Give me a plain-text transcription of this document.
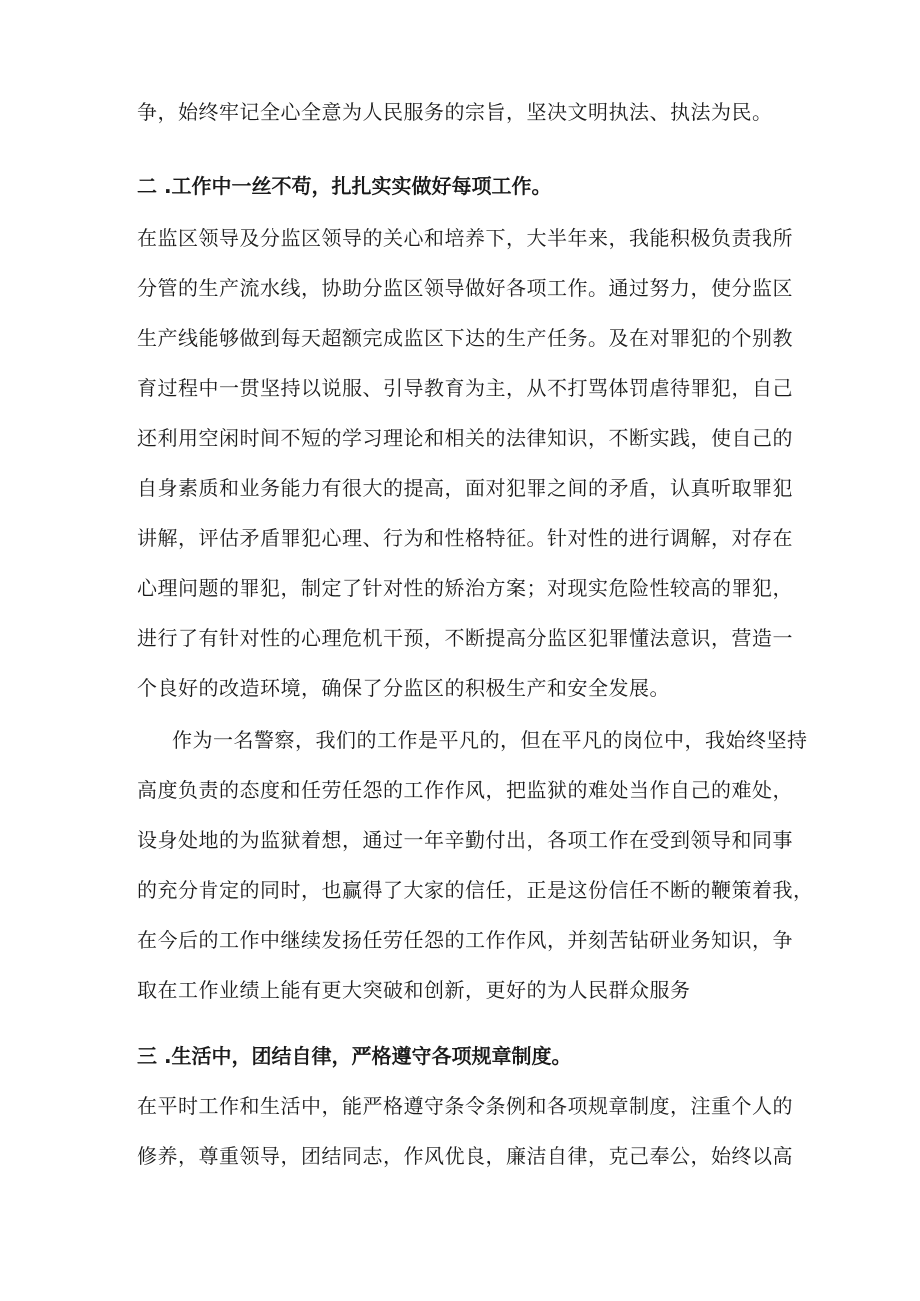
争，始终牢记全心全意为人民服务的宗旨，坚决文明执法、执法为民。
二 .工作中一丝不苟，扎扎实实做好每项工作。
在监区领导及分监区领导的关心和培养下，大半年来，我能积极负责我所
分管的生产流水线，协助分监区领导做好各项工作。通过努力，使分监区
生产线能够做到每天超额完成监区下达的生产任务。及在对罪犯的个别教
育过程中一贯坚持以说服、引导教育为主，从不打骂体罚虐待罪犯，自己
还利用空闲时间不短的学习理论和相关的法律知识，不断实践，使自己的
自身素质和业务能力有很大的提高，面对犯罪之间的矛盾，认真听取罪犯
讲解，评估矛盾罪犯心理、行为和性格特征。针对性的进行调解，对存在
心理问题的罪犯，制定了针对性的矫治方案；对现实危险性较高的罪犯，
进行了有针对性的心理危机干预，不断提高分监区犯罪懂法意识，营造一
个良好的改造环境，确保了分监区的积极生产和安全发展。
作为一名警察，我们的工作是平凡的，但在平凡的岗位中，我始终坚持
高度负责的态度和任劳任怨的工作作风，把监狱的难处当作自己的难处，
设身处地的为监狱着想，通过一年辛勤付出，各项工作在受到领导和同事
的充分肯定的同时，也赢得了大家的信任，正是这份信任不断的鞭策着我，
在今后的工作中继续发扬任劳任怨的工作作风，并刻苦钻研业务知识，争
取在工作业绩上能有更大突破和创新，更好的为人民群众服务
三 .生活中，团结自律，严格遵守各项规章制度。
在平时工作和生活中，能严格遵守条令条例和各项规章制度，注重个人的
修养，尊重领导，团结同志，作风优良，廉洁自律，克己奉公，始终以高
